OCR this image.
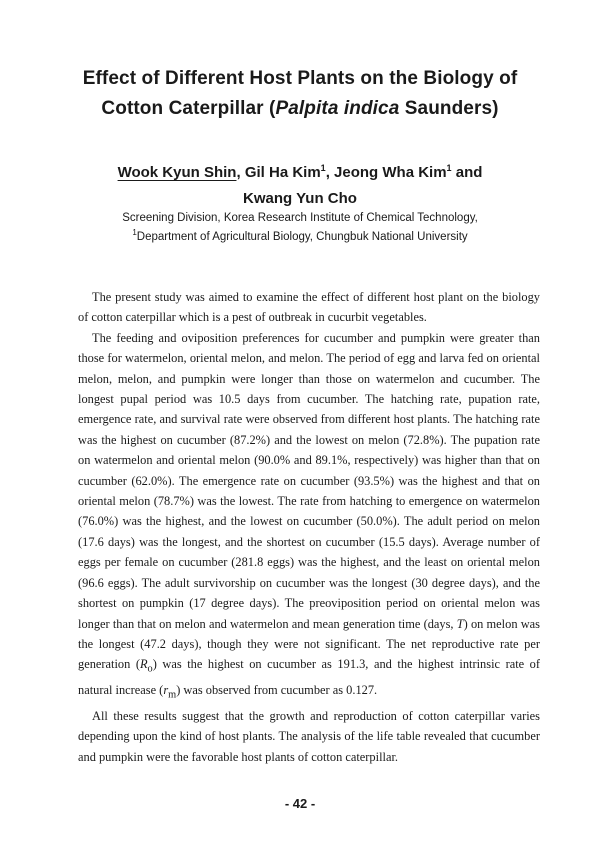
Effect of Different Host Plants on the Biology of
Cotton Caterpillar (Palpita indica Saunders)
Wook Kyun Shin, Gil Ha Kim$^1$, Jeong Wha Kim$^1$ and
Kwang Yun Cho
Screening Division, Korea Research Institute of Chemical Technology,
$^1$Department of Agricultural Biology, Chungbuk National University

The present study was aimed to examine the effect of different host plant on the biology of cotton caterpillar which is a pest of outbreak in cucurbit vegetables.

The feeding and oviposition preferences for cucumber and pumpkin were greater than those for watermelon, oriental melon, and melon. The period of egg and larva fed on oriental melon, melon, and pumpkin were longer than those on watermelon and cucumber. The longest pupal period was 10.5 days from cucumber. The hatching rate, pupation rate, emergence rate, and survival rate were observed from different host plants. The hatching rate was the highest on cucumber (87.2%) and the lowest on melon (72.8%). The pupation rate on watermelon and oriental melon (90.0% and 89.1%, respectively) was higher than that on cucumber (62.0%). The emergence rate on cucumber (93.5%) was the highest and that on oriental melon (78.7%) was the lowest. The rate from hatching to emergence on watermelon (76.0%) was the highest, and the lowest on cucumber (50.0%). The adult period on melon (17.6 days) was the longest, and the shortest on cucumber (15.5 days). Average number of eggs per female on cucumber (281.8 eggs) was the highest, and the least on oriental melon (96.6 eggs). The adult survivorship on cucumber was the longest (30 degree days), and the shortest on pumpkin (17 degree days). The preoviposition period on oriental melon was longer than that on melon and watermelon and mean generation time (days, T) on melon was the longest (47.2 days), though they were not significant. The net reproductive rate per generation $(R_o)$ was the highest on cucumber as 191.3, and the highest intrinsic rate of natural increase $(r_m)$ was observed from cucumber as 0.127.

All these results suggest that the growth and reproduction of cotton caterpillar varies depending upon the kind of host plants. The analysis of the life table revealed that cucumber and pumpkin were the favorable host plants of cotton caterpillar.

- 42 -
